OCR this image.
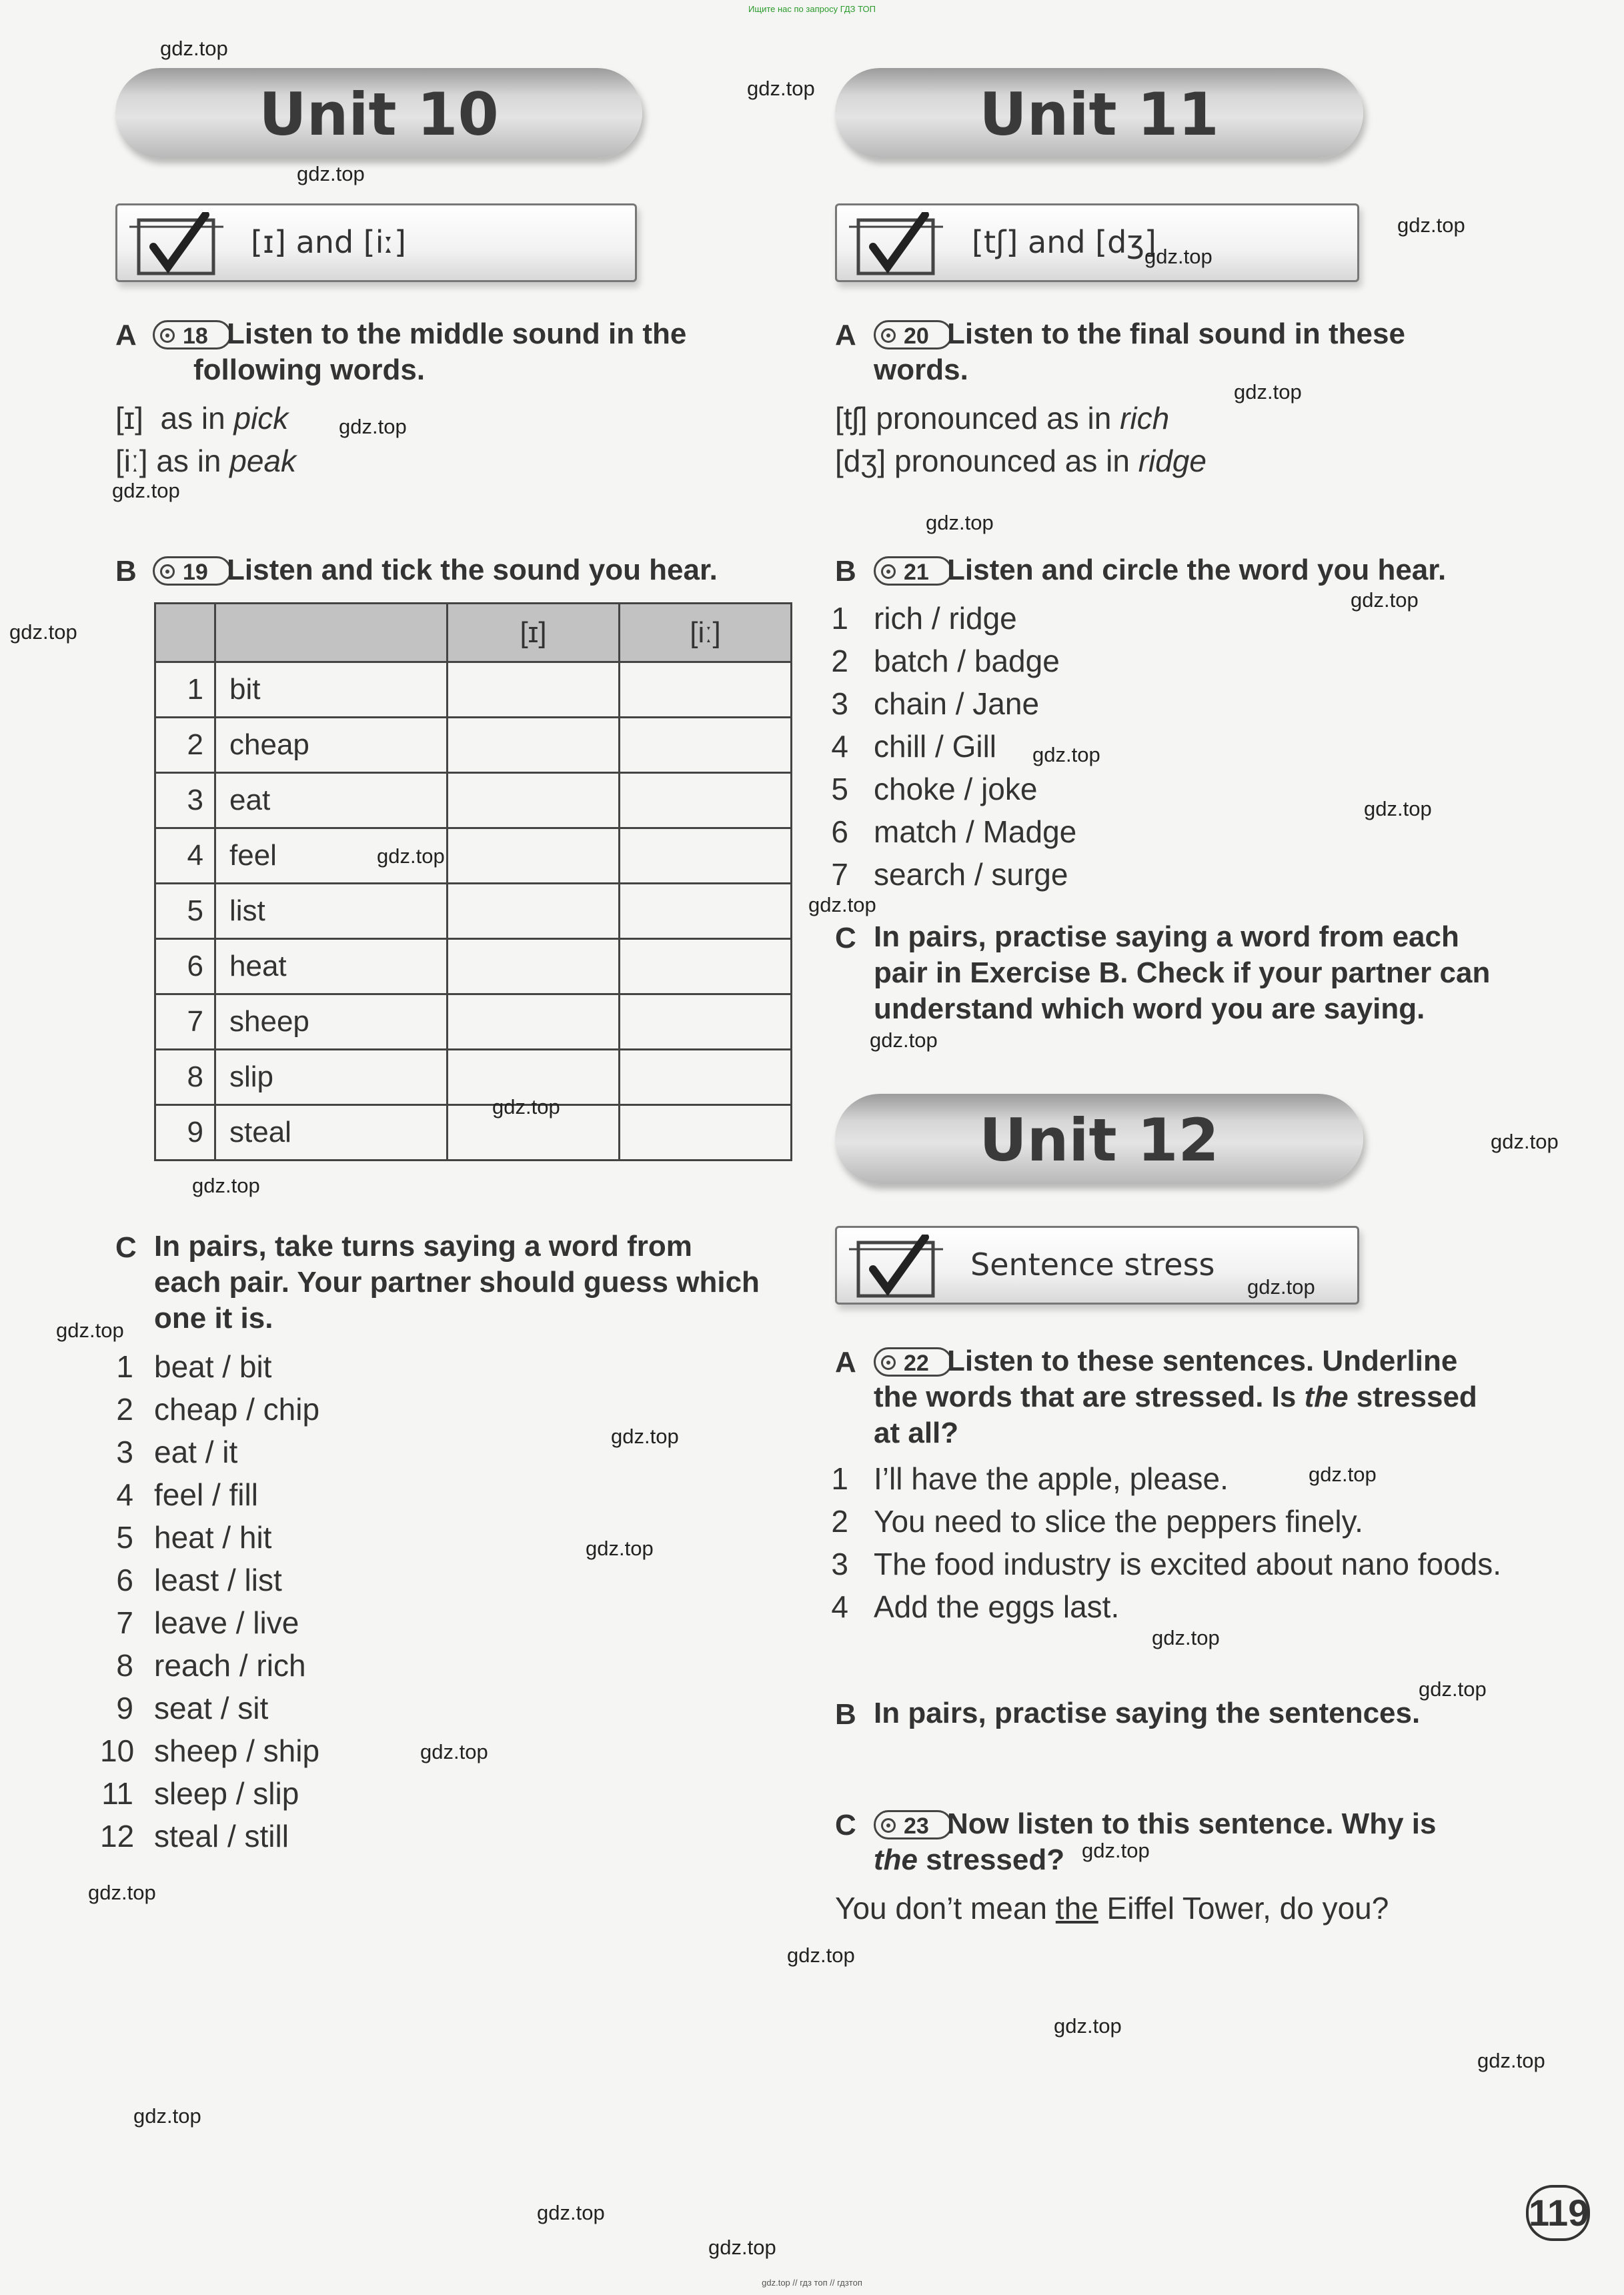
Ищите нас по запросу ГДЗ ТОП
Unit 10
[ɪ] and [iː]
A 18 Listen to the middle sound in the
following words.
[ɪ] as in pick
[iː] as in peak
B 19 Listen and tick the sound you hear.
		[ɪ]	[iː]
1	bit		
2	cheap		
3	eat		
4	feel		
5	list		
6	heat		
7	sheep		
8	slip		
9	steal		
C In pairs, take turns saying a word from
each pair. Your partner should guess which
one it is.
1 beat / bit
2 cheap / chip
3 eat / it
4 feel / fill
5 heat / hit
6 least / list
7 leave / live
8 reach / rich
9 seat / sit
10 sheep / ship
11 sleep / slip
12 steal / still
Unit 11
[tʃ] and [dʒ]
A 20 Listen to the final sound in these
words.
[tʃ] pronounced as in rich
[dʒ] pronounced as in ridge
B 21 Listen and circle the word you hear.
1 rich / ridge
2 batch / badge
3 chain / Jane
4 chill / Gill
5 choke / joke
6 match / Madge
7 search / surge
C In pairs, practise saying a word from each
pair in Exercise B. Check if your partner can
understand which word you are saying.
Unit 12
Sentence stress
A 22 Listen to these sentences. Underline
the words that are stressed. Is the stressed
at all?
1 I’ll have the apple, please.
2 You need to slice the peppers finely.
3 The food industry is excited about nano foods.
4 Add the eggs last.
B In pairs, practise saying the sentences.
C 23 Now listen to this sentence. Why is
the stressed?
You don’t mean the Eiffel Tower, do you?
119
gdz.top
gdz.top
gdz.top
gdz.top
gdz.top
gdz.top
gdz.top
gdz.top
gdz.top
gdz.top
gdz.top
gdz.top
gdz.top
gdz.top
gdz.top
gdz.top
gdz.top
gdz.top
gdz.top
gdz.top
gdz.top
gdz.top
gdz.top
gdz.top
gdz.top
gdz.top
gdz.top
gdz.top
gdz.top
gdz.top
gdz.top
gdz.top
gdz.top
gdz.top
gdz.top
gdz.top // гдз топ // гдзтоп
